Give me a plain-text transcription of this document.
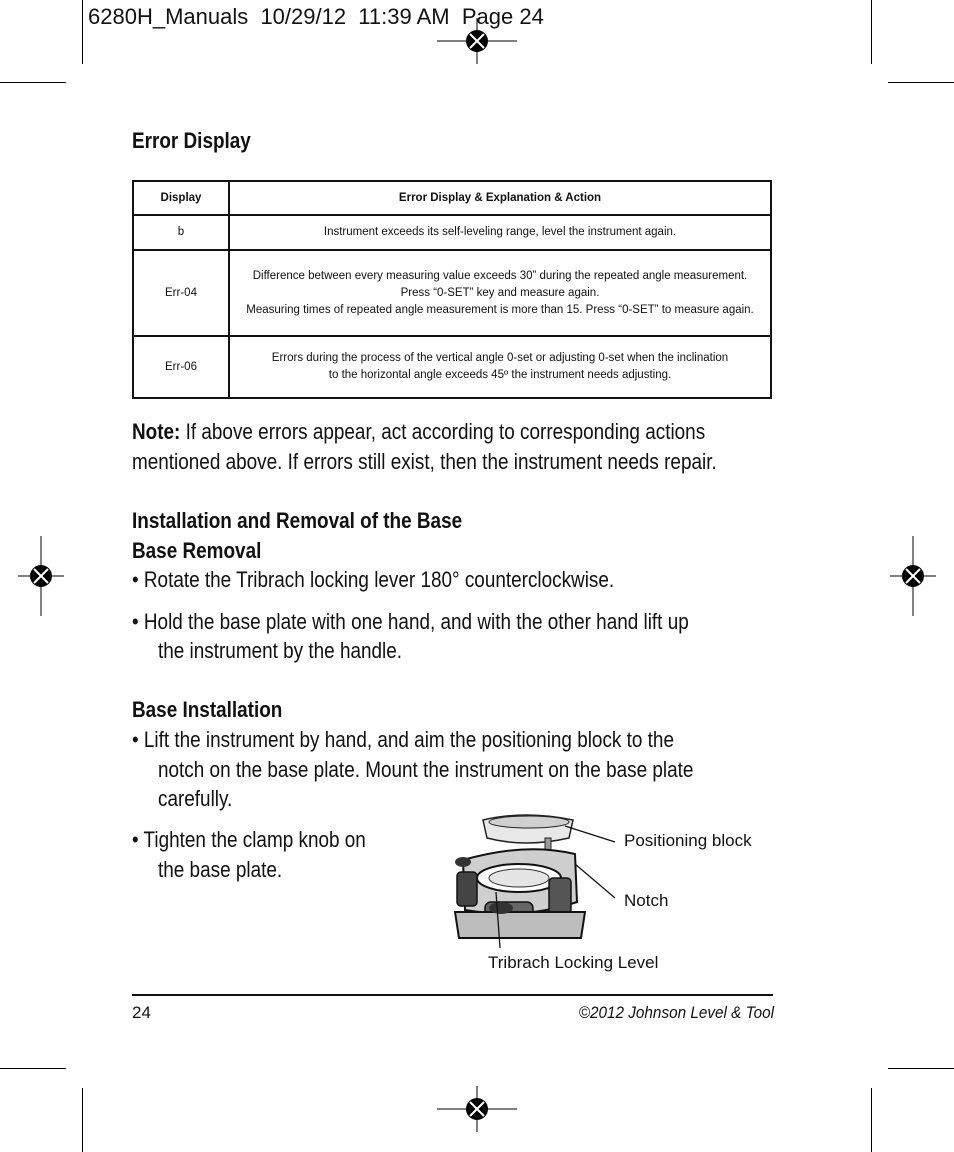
6280H_Manuals  10/29/12  11:39 AM  Page 24
Error Display
Display	Error Display & Explanation & Action
b	Instrument exceeds its self-leveling range, level the instrument again.

Err-04	Difference between every measuring value exceeds 30” during the repeated angle measurement.
Press “0-SET” key and measure again.
Measuring times of repeated angle measurement is more than 15. Press “0-SET” to measure again.

Err-06	Errors during the process of the vertical angle 0-set or adjusting 0-set when the inclination
to the horizontal angle exceeds 45º the instrument needs adjusting.
Note: If above errors appear, act according to corresponding actions
mentioned above. If errors still exist, then the instrument needs repair.
Installation and Removal of the Base
Base Removal
• Rotate the Tribrach locking lever 180° counterclockwise.
• Hold the base plate with one hand, and with the other hand lift up
the instrument by the handle.
Base Installation
• Lift the instrument by hand, and aim the positioning block to the
notch on the base plate. Mount the instrument on the base plate
carefully.
• Tighten the clamp knob on
the base plate.
Positioning block
Notch
Tribrach Locking Level
24	©2012 Johnson Level & Tool
